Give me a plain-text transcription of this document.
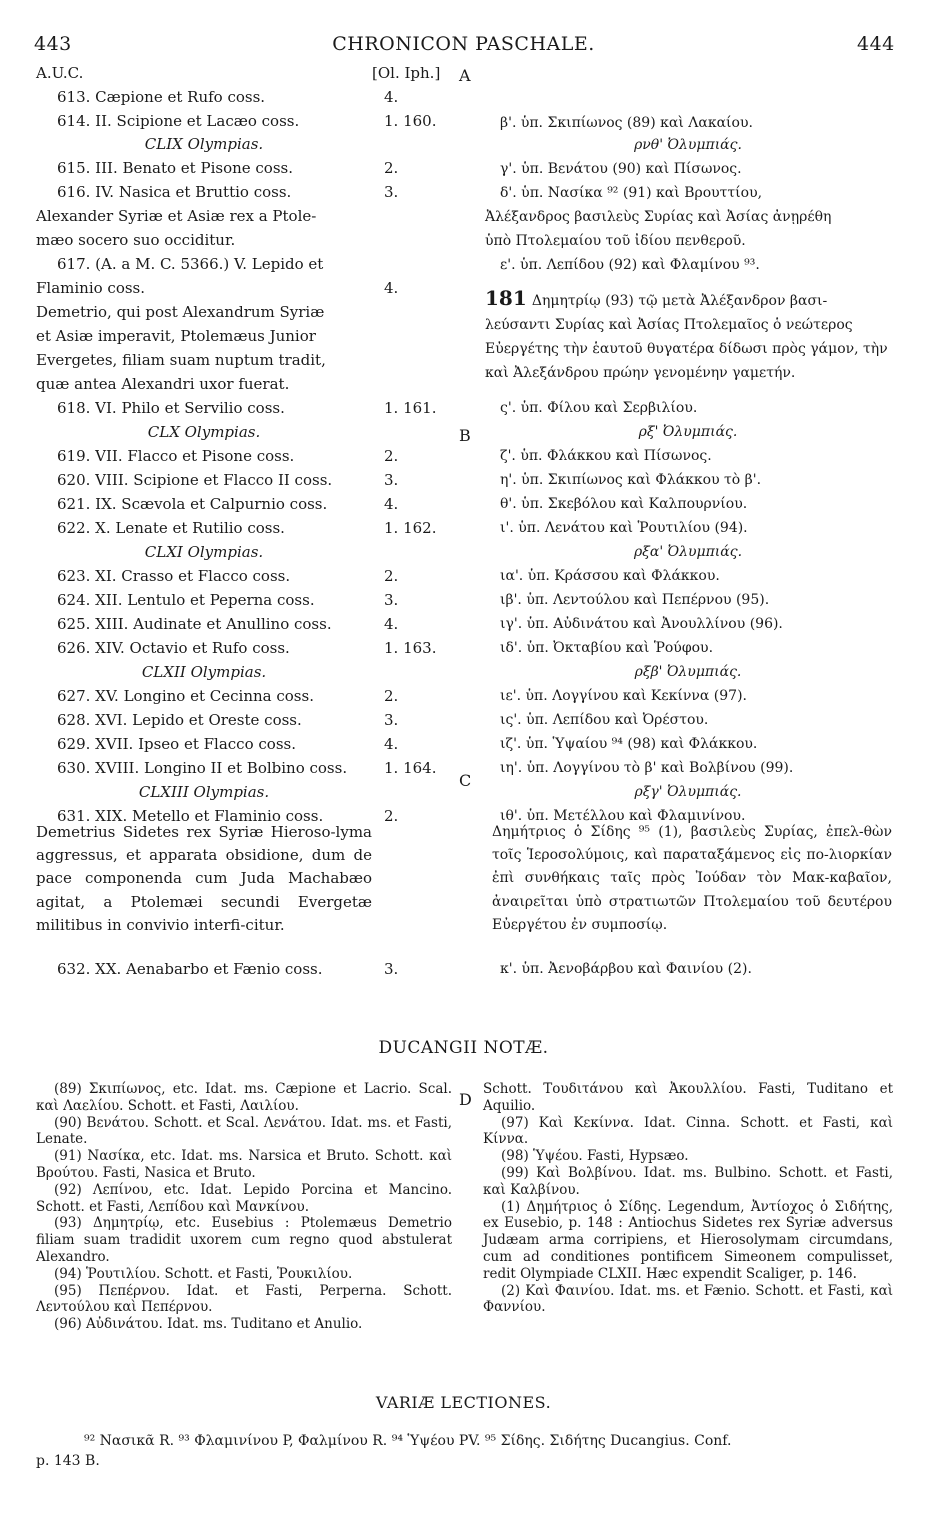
443	CHRONICON PASCHALE.	444
A.U.C.	[Ol. Iph.]
613. Cæpione et Rufo coss.	4.
614. II. Scipione et Lacæo coss.	1. 160.
CLIX Olympias.
615. III. Benato et Pisone coss.	2.
616. IV. Nasica et Bruttio coss.	3.
Alexander Syriæ et Asiæ rex a Ptole-
mæo socero suo occiditur.
617. (A. a M. C. 5366.) V. Lepido et
Flaminio coss.	4.
Demetrio, qui post Alexandrum Syriæ
et Asiæ imperavit, Ptolemæus Junior
Evergetes, filiam suam nuptum tradit,
quæ antea Alexandri uxor fuerat.
618. VI. Philo et Servilio coss.	1. 161.
CLX Olympias.
619. VII. Flacco et Pisone coss.	2.
620. VIII. Scipione et Flacco II coss.	3.
621. IX. Scævola et Calpurnio coss.	4.
622. X. Lenate et Rutilio coss.	1. 162.
CLXI Olympias.
623. XI. Crasso et Flacco coss.	2.
624. XII. Lentulo et Peperna coss.	3.
625. XIII. Audinate et Anullino coss.	4.
626. XIV. Octavio et Rufo coss.	1. 163.
CLXII Olympias.
627. XV. Longino et Cecinna coss.	2.
628. XVI. Lepido et Oreste coss.	3.
629. XVII. Ipseo et Flacco coss.	4.
630. XVIII. Longino II et Bolbino coss. 1. 164.
CLXIII Olympias.
631. XIX. Metello et Flaminio coss.	2.
β'. ὑπ. Σκιπίωνος (89) καὶ Λακαίου.
ρνθ' Ὀλυμπιάς.
γ'. ὑπ. Βενάτου (90) καὶ Πίσωνος.
δ'. ὑπ. Νασίκα ⁹² (91) καὶ Βρουττίου,
Ἀλέξανδρος βασιλεὺς Συρίας καὶ Ἀσίας ἀνῃρέθη
ὑπὸ Πτολεμαίου τοῦ ἰδίου πενθεροῦ.
ε'. ὑπ. Λεπίδου (92) καὶ Φλαμίνου ⁹³.
ς'. ὑπ. Φίλου καὶ Σερβιλίου.
ρξ' Ὀλυμπιάς.
ζ'. ὑπ. Φλάκκου καὶ Πίσωνος.
η'. ὑπ. Σκιπίωνος καὶ Φλάκκου τὸ β'.
θ'. ὑπ. Σκεβόλου καὶ Καλπουρνίου.
ι'. ὑπ. Λενάτου καὶ Ῥουτιλίου (94).
ρξα' Ὀλυμπιάς.
ια'. ὑπ. Κράσσου καὶ Φλάκκου.
ιβ'. ὑπ. Λεντούλου καὶ Πεπέρνου (95).
ιγ'. ὑπ. Αὐδινάτου καὶ Ἀνουλλίνου (96).
ιδ'. ὑπ. Ὀκταβίου καὶ Ῥούφου.
ρξβ' Ὀλυμπιάς.
ιε'. ὑπ. Λογγίνου καὶ Κεκίννα (97).
ις'. ὑπ. Λεπίδου καὶ Ὀρέστου.
ιζ'. ὑπ. Ὑψαίου ⁹⁴ (98) καὶ Φλάκκου.
ιη'. ὑπ. Λογγίνου τὸ β' καὶ Βολβίνου (99).
ρξγ' Ὀλυμπιάς.
ιθ'. ὑπ. Μετέλλου καὶ Φλαμινίνου.
A
B
C
D
Demetrius Sidetes rex Syriæ Hieroso-lyma aggressus, et apparata obsidione, dum de pace componenda cum Juda Machabæo agitat, a Ptolemæi secundi Evergetæ militibus in convivio interfi-citur.
632. XX. Aenabarbo et Fænio coss.	3.
181 Δημητρίῳ (93) τῷ μετὰ Ἀλέξανδρον βασι-λεύσαντι Συρίας καὶ Ἀσίας Πτολεμαῖος ὁ νεώτερος Εὐεργέτης τὴν ἑαυτοῦ θυγατέρα δίδωσι πρὸς γάμον, τὴν καὶ Ἀλεξάνδρου πρώην γενομένην γαμετήν.
Δημήτριος ὁ Σίδης ⁹⁵ (1), βασιλεὺς Συρίας, ἐπελ-θὼν τοῖς Ἱεροσολύμοις, καὶ παραταξάμενος εἰς πο-λιορκίαν ἐπὶ συνθήκαις ταῖς πρὸς Ἰούδαν τὸν Μακ-καβαῖον, ἀναιρεῖται ὑπὸ στρατιωτῶν Πτολεμαίου τοῦ δευτέρου Εὐεργέτου ἐν συμποσίῳ.
κ'. ὑπ. Ἀενοβάρβου καὶ Φαινίου (2).
DUCANGII NOTÆ.
(89) Σκιπίωνος, etc. Idat. ms. Cæpione et Lacrio. Scal. καὶ Λαελίου. Schott. et Fasti, Λαιλίου.
(90) Βενάτου. Schott. et Scal. Λενάτου. Idat. ms. et Fasti, Lenate.
(91) Νασίκα, etc. Idat. ms. Narsica et Bruto. Schott. καὶ Βρούτου. Fasti, Nasica et Bruto.
(92) Λεπίνου, etc. Idat. Lepido Porcina et Mancino. Schott. et Fasti, Λεπίδου καὶ Μανκίνου.
(93) Δημητρίῳ, etc. Eusebius : Ptolemæus Demetrio filiam suam tradidit uxorem cum regno quod abstulerat Alexandro.
(94) Ῥουτιλίου. Schott. et Fasti, Ῥουκιλίου.
(95) Πεπέρνου. Idat. et Fasti, Perperna. Schott. Λεντούλου καὶ Πεπέρνου.
(96) Αὐδινάτου. Idat. ms. Tuditano et Anulio.
Schott. Τουδιτάνου καὶ Ἀκουλλίου. Fasti, Tuditano et Aquilio.
(97) Καὶ Κεκίννα. Idat. Cinna. Schott. et Fasti, καὶ Κίννα.
(98) Ὑψέου. Fasti, Hypsæo.
(99) Καὶ Βολβίνου. Idat. ms. Bulbino. Schott. et Fasti, καὶ Καλβίνου.
(1) Δημήτριος ὁ Σίδης. Legendum, Ἀντίοχος ὁ Σιδήτης, ex Eusebio, p. 148 : Antiochus Sidetes rex Syriæ adversus Judæam arma corripiens, et Hierosolymam circumdans, cum ad conditiones pontificem Simeonem compulisset, redit Olympiade CLXII. Hæc expendit Scaliger, p. 146.
(2) Καὶ Φαινίου. Idat. ms. et Fænio. Schott. et Fasti, καὶ Φαννίου.
VARIÆ LECTIONES.
⁹² Νασικᾶ R. ⁹³ Φλαμινίνου P, Φαλμίνου R. ⁹⁴ Ὑψέου PV. ⁹⁵ Σίδης. Σιδήτης Ducangius. Conf.
p. 143 B.
